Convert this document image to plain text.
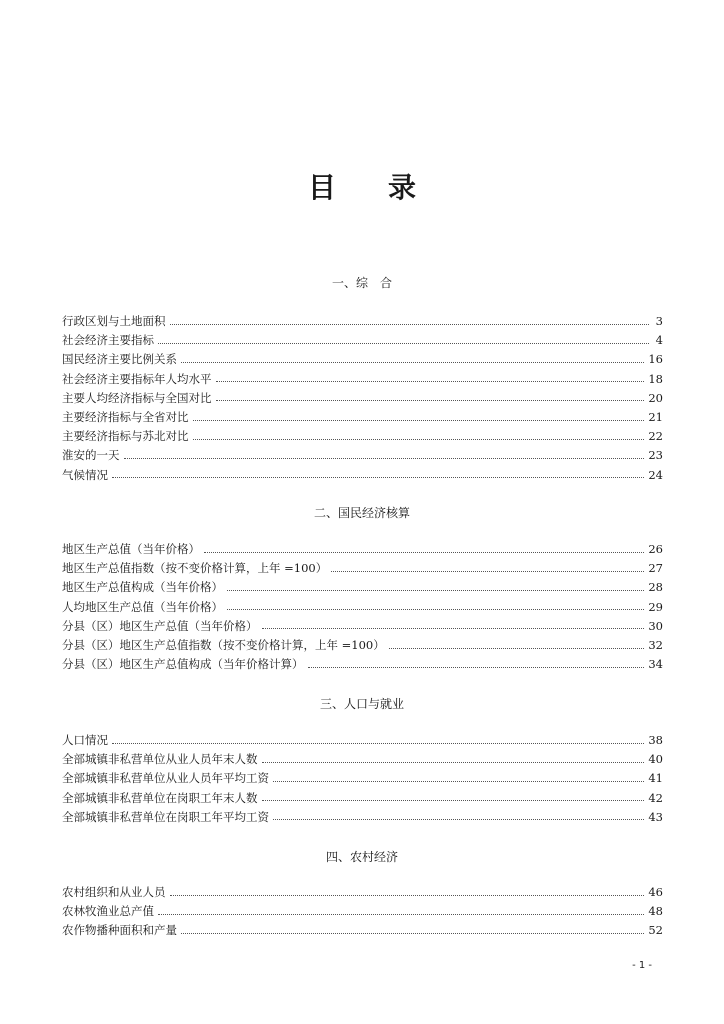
目 录
一、综　合
行政区划与土地面积	3
社会经济主要指标	4
国民经济主要比例关系	16
社会经济主要指标年人均水平	18
主要人均经济指标与全国对比	20
主要经济指标与全省对比	21
主要经济指标与苏北对比	22
淮安的一天	23
气候情况	24
二、国民经济核算
地区生产总值（当年价格）	26
地区生产总值指数（按不变价格计算，上年 =100）	27
地区生产总值构成（当年价格）	28
人均地区生产总值（当年价格）	29
分县（区）地区生产总值（当年价格）	30
分县（区）地区生产总值指数（按不变价格计算，上年 =100）	32
分县（区）地区生产总值构成（当年价格计算）	34
三、人口与就业
人口情况	38
全部城镇非私营单位从业人员年末人数	40
全部城镇非私营单位从业人员年平均工资	41
全部城镇非私营单位在岗职工年末人数	42
全部城镇非私营单位在岗职工年平均工资	43
四、农村经济
农村组织和从业人员	46
农林牧渔业总产值	48
农作物播种面积和产量	52
- 1 -
